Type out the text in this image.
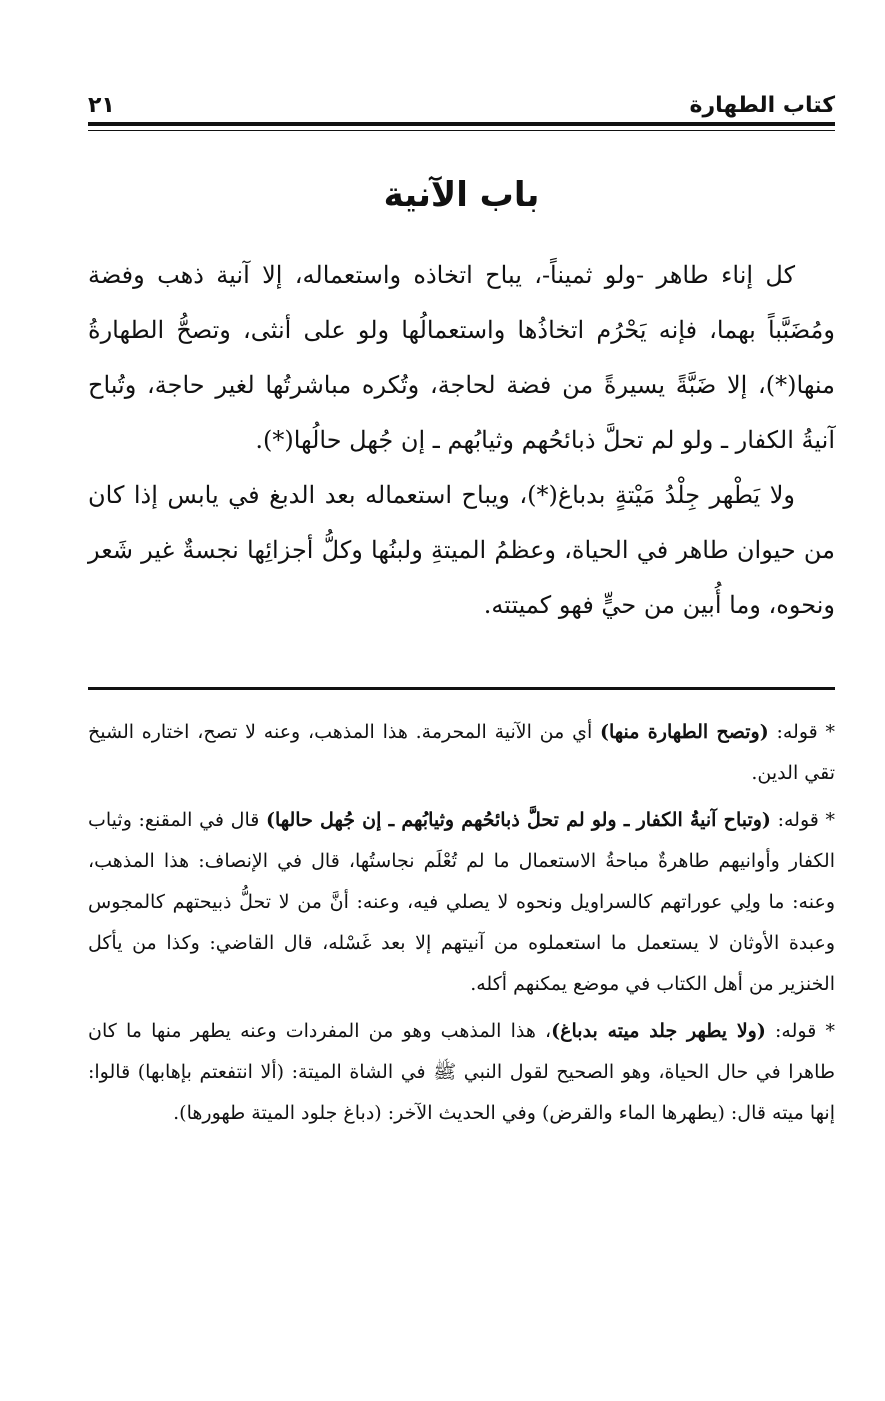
كتاب الطهارة
٢١
باب الآنية

كل إناء طاهر -ولو ثميناً-، يباح اتخاذه واستعماله، إلا آنية ذهب وفضة ومُضَبَّباً بهما، فإنه يَحْرُم اتخاذُها واستعمالُها ولو على أنثى، وتصحُّ الطهارةُ منها(*)، إلا ضَبَّةً يسيرةً من فضة لحاجة، وتُكره مباشرتُها لغير حاجة، وتُباح آنيةُ الكفار ـ ولو لم تحلَّ ذبائحُهم وثيابُهم ـ إن جُهل حالُها(*).

ولا يَطْهر جِلْدُ مَيْتةٍ بدباغ(*)، ويباح استعماله بعد الدبغ في يابس إذا كان من حيوان طاهر في الحياة، وعظمُ الميتةِ ولبنُها وكلُّ أجزائِها نجسةٌ غير شَعر ونحوه، وما أُبين من حيٍّ فهو كميتته.

* قوله: (وتصح الطهارة منها) أي من الآنية المحرمة. هذا المذهب، وعنه لا تصح، اختاره الشيخ تقي الدين.

* قوله: (وتباح آنيةُ الكفار ـ ولو لم تحلَّ ذبائحُهم وثيابُهم ـ إن جُهل حالها) قال في المقنع: وثياب الكفار وأوانيهم طاهرةٌ مباحةُ الاستعمال ما لم تُعْلَم نجاستُها، قال في الإنصاف: هذا المذهب، وعنه: ما ولِي عوراتهم كالسراويل ونحوه لا يصلي فيه، وعنه: أنَّ من لا تحلُّ ذبيحتهم كالمجوس وعبدة الأوثان لا يستعمل ما استعملوه من آنيتهم إلا بعد غَسْله، قال القاضي: وكذا من يأكل الخنزير من أهل الكتاب في موضع يمكنهم أكله.

* قوله: (ولا يطهر جلد ميته بدباغ)، هذا المذهب وهو من المفردات وعنه يطهر منها ما كان طاهرا في حال الحياة، وهو الصحيح لقول النبي ﷺ في الشاة الميتة: (ألا انتفعتم بإهابها) قالوا: إنها ميته قال: (يطهرها الماء والقرض) وفي الحديث الآخر: (دباغ جلود الميتة طهورها).
